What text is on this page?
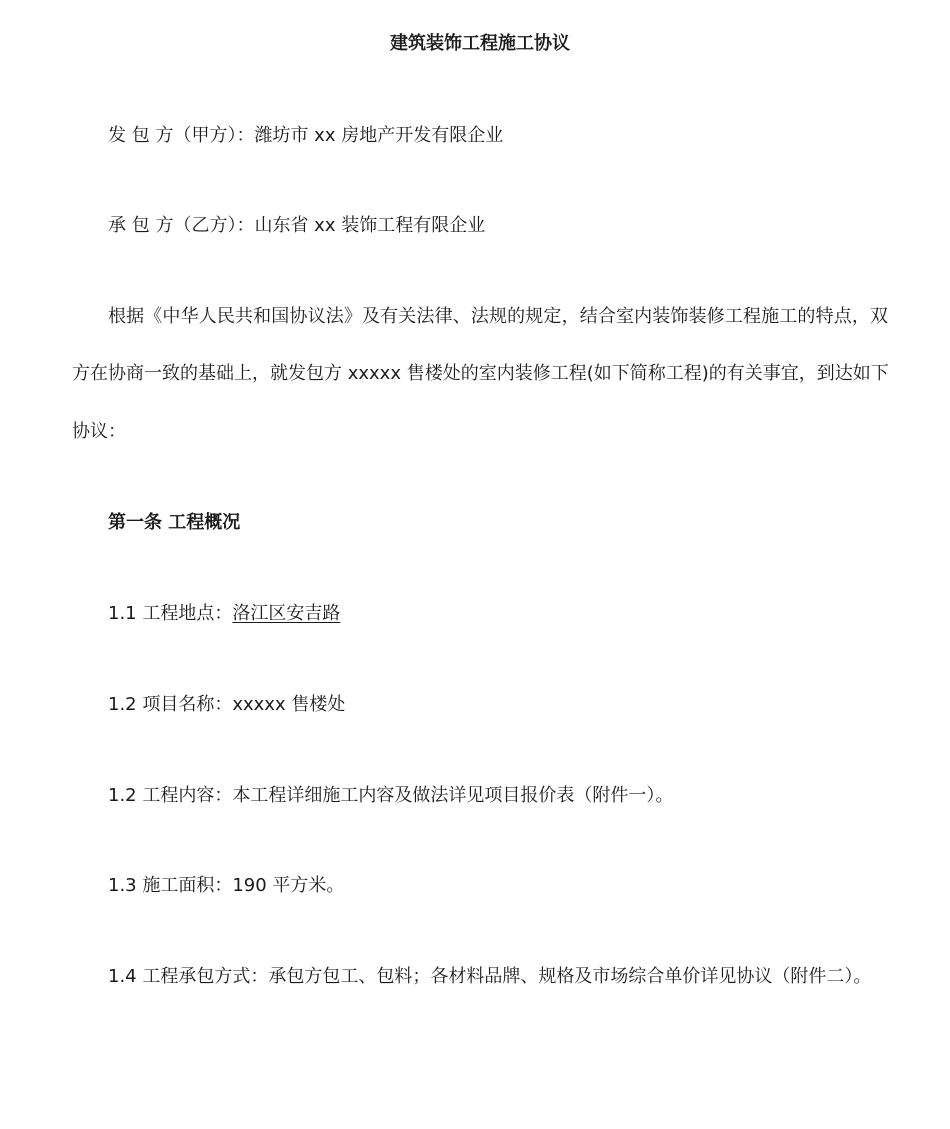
建筑装饰工程施工协议
发 包 方（甲方）：潍坊市 xx 房地产开发有限企业
承 包 方（乙方）：山东省 xx 装饰工程有限企业
根据《中华人民共和国协议法》及有关法律、法规的规定，结合室内装饰装修工程施工的特点，双
方在协商一致的基础上，就发包方 xxxxx 售楼处的室内装修工程(如下简称工程)的有关事宜，到达如下
协议：
第一条 工程概况
1.1 工程地点：洛江区安吉路
1.2 项目名称：xxxxx 售楼处
1.2 工程内容：本工程详细施工内容及做法详见项目报价表（附件一）。
1.3 施工面积：190 平方米。
1.4 工程承包方式：承包方包工、包料；各材料品牌、规格及市场综合单价详见协议（附件二）。
